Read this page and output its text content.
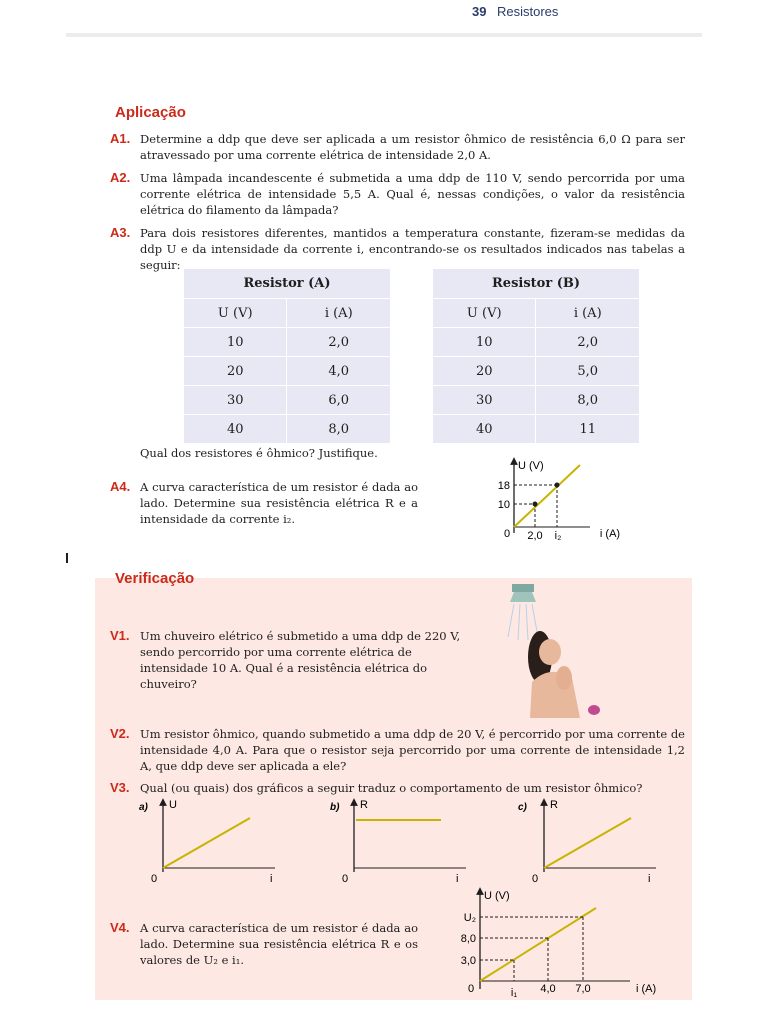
39 Resistores
Aplicação
A1. Determine a ddp que deve ser aplicada a um resistor ôhmico de resistência 6,0 Ω para ser atravessado por uma corrente elétrica de intensidade 2,0 A.
A2. Uma lâmpada incandescente é submetida a uma ddp de 110 V, sendo percorrida por uma corrente elétrica de intensidade 5,5 A. Qual é, nessas condições, o valor da resistência elétrica do filamento da lâmpada?
A3. Para dois resistores diferentes, mantidos a temperatura constante, fizeram-se medidas da ddp U e da intensidade da corrente i, encontrando-se os resultados indicados nas tabelas a seguir:
Resistor (A)	
U (V)	i (A)
10	2,0
20	4,0
30	6,0
40	8,0
Resistor (B)	
U (V)	i (A)
10	2,0
20	5,0
30	8,0
40	11
Qual dos resistores é ôhmico? Justifique.
A4. A curva característica de um resistor é dada ao lado. Determine sua resistência elétrica R e a intensidade da corrente i₂.
U (V)
i (A)
0
18
10
2,0 i₂
Verificação
V1. Um chuveiro elétrico é submetido a uma ddp de 220 V, sendo percorrido por uma corrente elétrica de intensidade 10 A. Qual é a resistência elétrica do chuveiro?
V2. Um resistor ôhmico, quando submetido a uma ddp de 20 V, é percorrido por uma corrente de intensidade 4,0 A. Para que o resistor seja percorrido por uma corrente de intensidade 1,2 A, que ddp deve ser aplicada a ele?
V3. Qual (ou quais) dos gráficos a seguir traduz o comportamento de um resistor ôhmico?
a) U
i
0
b) R
i
0
c) R
i
0
V4. A curva característica de um resistor é dada ao lado. Determine sua resistência elétrica R e os valores de U₂ e i₁.
U (V)
i (A)
0
U₂
8,0
3,0
i₁ 4,0 7,0
